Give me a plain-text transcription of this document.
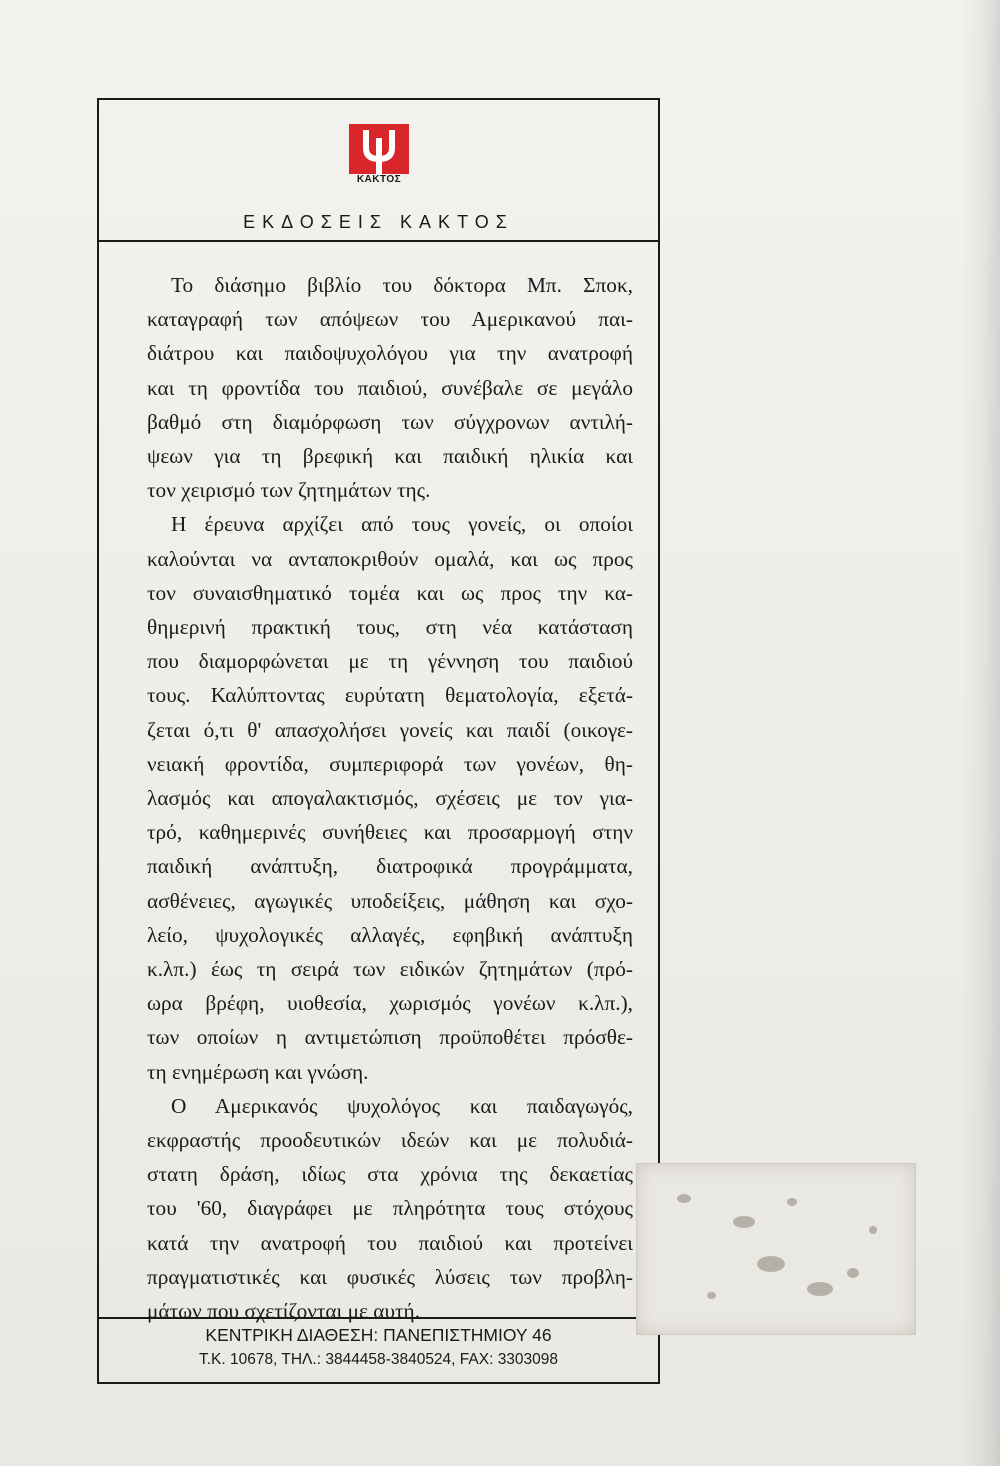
ΚΑΚΤΟΣ
ΕΚΔΟΣΕΙΣ ΚΑΚΤΟΣ
Το διάσημο βιβλίο του δόκτορα Μπ. Σποκ,
καταγραφή των απόψεων του Αμερικανού παι-
διάτρου και παιδοψυχολόγου για την ανατροφή
και τη φροντίδα του παιδιού, συνέβαλε σε μεγάλο
βαθμό στη διαμόρφωση των σύγχρονων αντιλή-
ψεων για τη βρεφική και παιδική ηλικία και
τον χειρισμό των ζητημάτων της.
Η έρευνα αρχίζει από τους γονείς, οι οποίοι
καλούνται να ανταποκριθούν ομαλά, και ως προς
τον συναισθηματικό τομέα και ως προς την κα-
θημερινή πρακτική τους, στη νέα κατάσταση
που διαμορφώνεται με τη γέννηση του παιδιού
τους. Καλύπτοντας ευρύτατη θεματολογία, εξετά-
ζεται ό,τι θ' απασχολήσει γονείς και παιδί (οικογε-
νειακή φροντίδα, συμπεριφορά των γονέων, θη-
λασμός και απογαλακτισμός, σχέσεις με τον για-
τρό, καθημερινές συνήθειες και προσαρμογή στην
παιδική ανάπτυξη, διατροφικά προγράμματα,
ασθένειες, αγωγικές υποδείξεις, μάθηση και σχο-
λείο, ψυχολογικές αλλαγές, εφηβική ανάπτυξη
κ.λπ.) έως τη σειρά των ειδικών ζητημάτων (πρό-
ωρα βρέφη, υιοθεσία, χωρισμός γονέων κ.λπ.),
των οποίων η αντιμετώπιση προϋποθέτει πρόσθε-
τη ενημέρωση και γνώση.
Ο Αμερικανός ψυχολόγος και παιδαγωγός,
εκφραστής προοδευτικών ιδεών και με πολυδιά-
στατη δράση, ιδίως στα χρόνια της δεκαετίας
του '60, διαγράφει με πληρότητα τους στόχους
κατά την ανατροφή του παιδιού και προτείνει
πραγματιστικές και φυσικές λύσεις των προβλη-
μάτων που σχετίζονται με αυτή.
ΚΕΝΤΡΙΚΗ ΔΙΑΘΕΣΗ: ΠΑΝΕΠΙΣΤΗΜΙΟΥ 46
Τ.Κ. 10678, ΤΗΛ.: 3844458-3840524, FAX: 3303098
